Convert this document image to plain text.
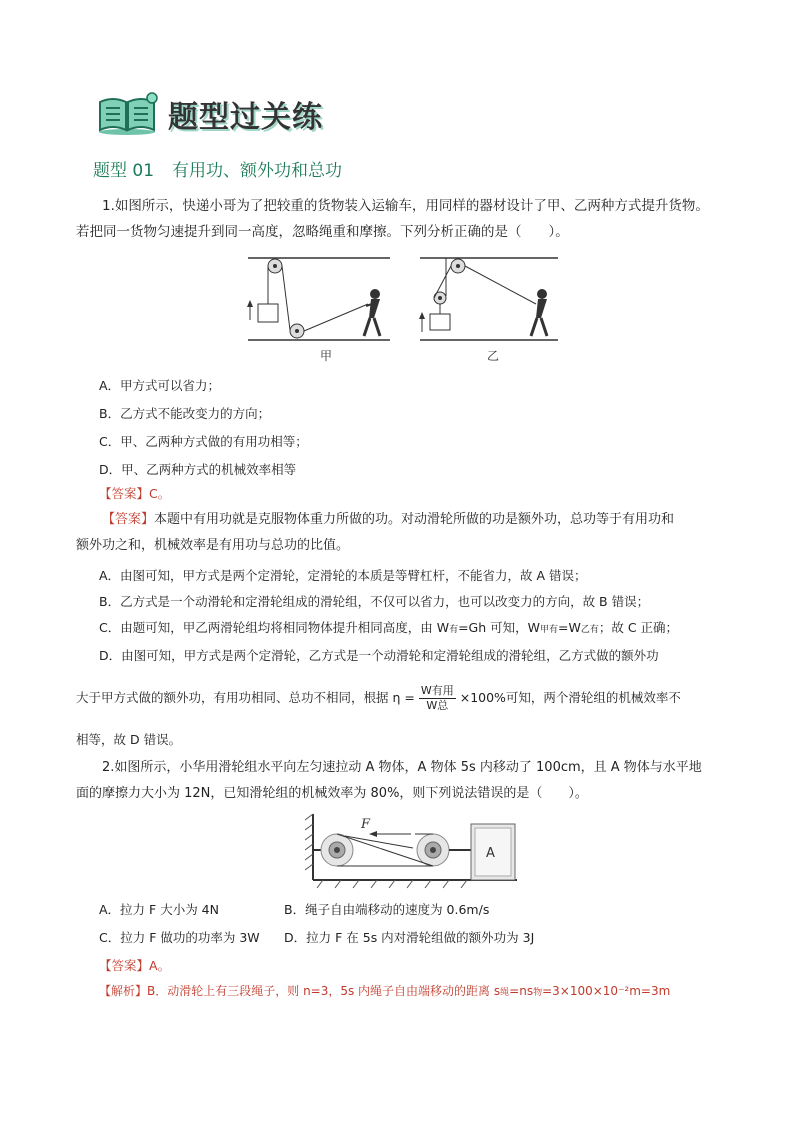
题型过关练
题型 01 有用功、额外功和总功
1.如图所示，快递小哥为了把较重的货物装入运输车，用同样的器材设计了甲、乙两种方式提升货物。
若把同一货物匀速提升到同一高度，忽略绳重和摩擦。下列分析正确的是（　　）。
甲	乙
A．甲方式可以省力；
B．乙方式不能改变力的方向；
C．甲、乙两种方式做的有用功相等；
D．甲、乙两种方式的机械效率相等
【答案】C。
【答案】本题中有用功就是克服物体重力所做的功。对动滑轮所做的功是额外功，总功等于有用功和
额外功之和，机械效率是有用功与总功的比值。
A．由图可知，甲方式是两个定滑轮，定滑轮的本质是等臂杠杆，不能省力，故 A 错误；
B．乙方式是一个动滑轮和定滑轮组成的滑轮组，不仅可以省力，也可以改变力的方向，故 B 错误；
C．由题可知，甲乙两滑轮组均将相同物体提升相同高度，由 W有=Gh 可知，W甲有=W乙有；故 C 正确；
D．由图可知，甲方式是两个定滑轮，乙方式是一个动滑轮和定滑轮组成的滑轮组，乙方式做的额外功
大于甲方式做的额外功，有用功相同、总功不相同，根据 η = W有用
W总
×100%可知，两个滑轮组的机械效率不
相等，故 D 错误。
2.如图所示，小华用滑轮组水平向左匀速拉动 A 物体，A 物体 5s 内移动了 100cm，且 A 物体与水平地
面的摩擦力大小为 12N，已知滑轮组的机械效率为 80%，则下列说法错误的是（　　）。
F
A
A．拉力 F 大小为 4N	B．绳子自由端移动的速度为 0.6m/s
C．拉力 F 做功的功率为 3W D．拉力 F 在 5s 内对滑轮组做的额外功为 3J
【答案】A。
【解析】B．动滑轮上有三段绳子，则 n=3，5s 内绳子自由端移动的距离 s绳=ns物=3×100×10⁻²m=3m
